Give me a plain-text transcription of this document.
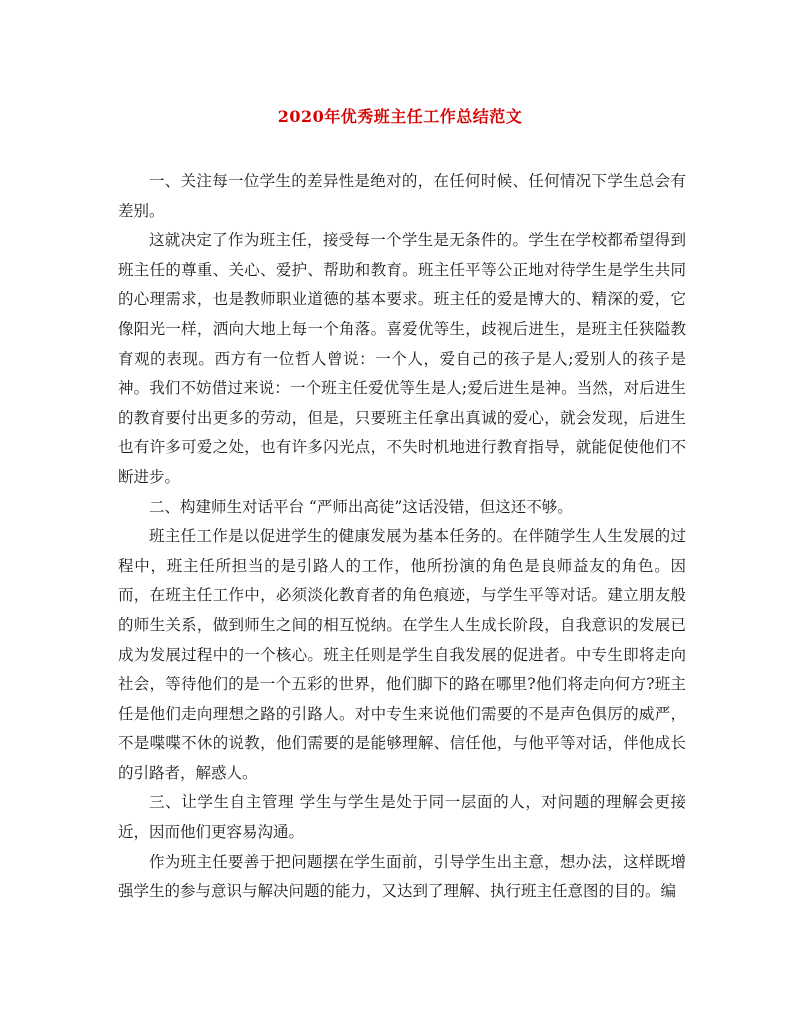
2020年优秀班主任工作总结范文

一、关注每一位学生的差异性是绝对的，在任何时候、任何情况下学生总会有差别。

这就决定了作为班主任，接受每一个学生是无条件的。学生在学校都希望得到班主任的尊重、关心、爱护、帮助和教育。班主任平等公正地对待学生是学生共同的心理需求，也是教师职业道德的基本要求。班主任的爱是博大的、精深的爱，它像阳光一样，洒向大地上每一个角落。喜爱优等生，歧视后进生，是班主任狭隘教育观的表现。西方有一位哲人曾说：一个人，爱自己的孩子是人;爱别人的孩子是神。我们不妨借过来说：一个班主任爱优等生是人;爱后进生是神。当然，对后进生的教育要付出更多的劳动，但是，只要班主任拿出真诚的爱心，就会发现，后进生也有许多可爱之处，也有许多闪光点，不失时机地进行教育指导，就能促使他们不断进步。

二、构建师生对话平台 “严师出高徒”这话没错，但这还不够。

班主任工作是以促进学生的健康发展为基本任务的。在伴随学生人生发展的过程中，班主任所担当的是引路人的工作，他所扮演的角色是良师益友的角色。因而，在班主任工作中，必须淡化教育者的角色痕迹，与学生平等对话。建立朋友般的师生关系，做到师生之间的相互悦纳。在学生人生成长阶段，自我意识的发展已成为发展过程中的一个核心。班主任则是学生自我发展的促进者。中专生即将走向社会，等待他们的是一个五彩的世界，他们脚下的路在哪里?他们将走向何方?班主任是他们走向理想之路的引路人。对中专生来说他们需要的不是声色俱厉的威严，不是喋喋不休的说教，他们需要的是能够理解、信任他，与他平等对话，伴他成长的引路者，解惑人。

三、让学生自主管理 学生与学生是处于同一层面的人，对问题的理解会更接近，因而他们更容易沟通。

作为班主任要善于把问题摆在学生面前，引导学生出主意，想办法，这样既增强学生的参与意识与解决问题的能力，又达到了理解、执行班主任意图的目的。编
